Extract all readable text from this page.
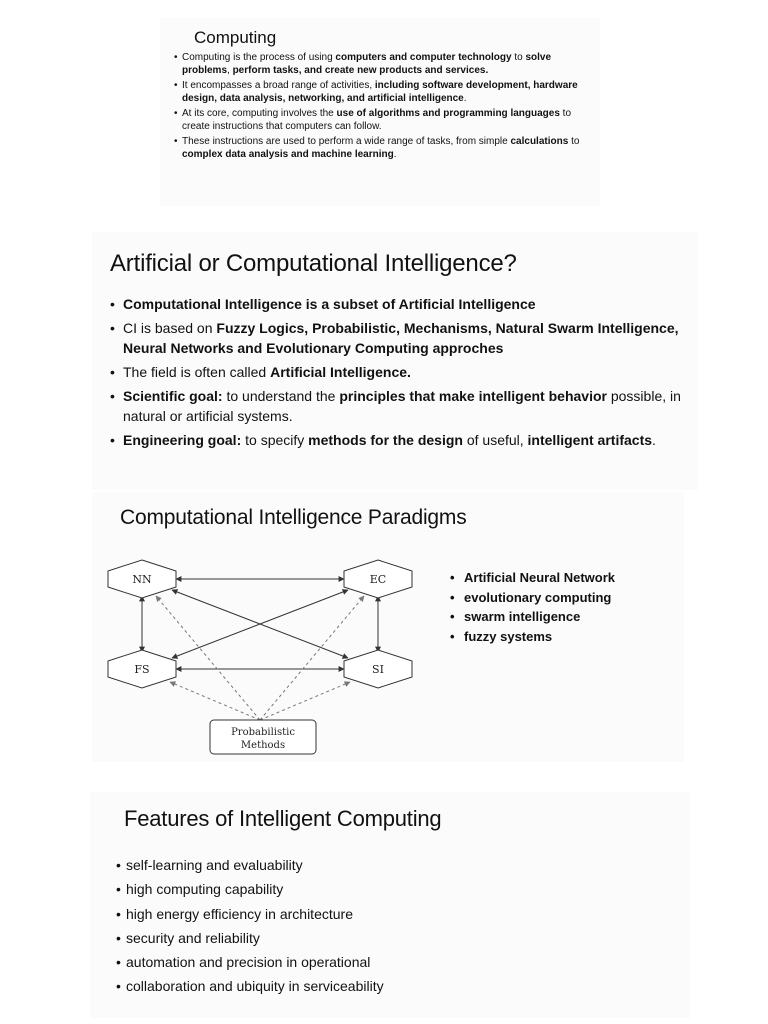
Computing
• Computing is the process of using computers and computer technology to solve problems, perform tasks, and create new products and services.
• It encompasses a broad range of activities, including software development, hardware design, data analysis, networking, and artificial intelligence.
• At its core, computing involves the use of algorithms and programming languages to create instructions that computers can follow.
• These instructions are used to perform a wide range of tasks, from simple calculations to complex data analysis and machine learning.
Artificial or Computational Intelligence?
• Computational Intelligence is a subset of Artificial Intelligence
• CI is based on Fuzzy Logics, Probabilistic, Mechanisms, Natural Swarm Intelligence, Neural Networks and Evolutionary Computing approches
• The field is often called Artificial Intelligence.
• Scientific goal: to understand the principles that make intelligent behavior possible, in natural or artificial systems.
• Engineering goal: to specify methods for the design of useful, intelligent artifacts.
Computational Intelligence Paradigms
NN	EC
FS	SI
Probabilistic
Methods
• Artificial Neural Network
• evolutionary computing
• swarm intelligence
• fuzzy systems
Features of Intelligent Computing
• self-learning and evaluability
• high computing capability
• high energy efficiency in architecture
• security and reliability
• automation and precision in operational
• collaboration and ubiquity in serviceability
